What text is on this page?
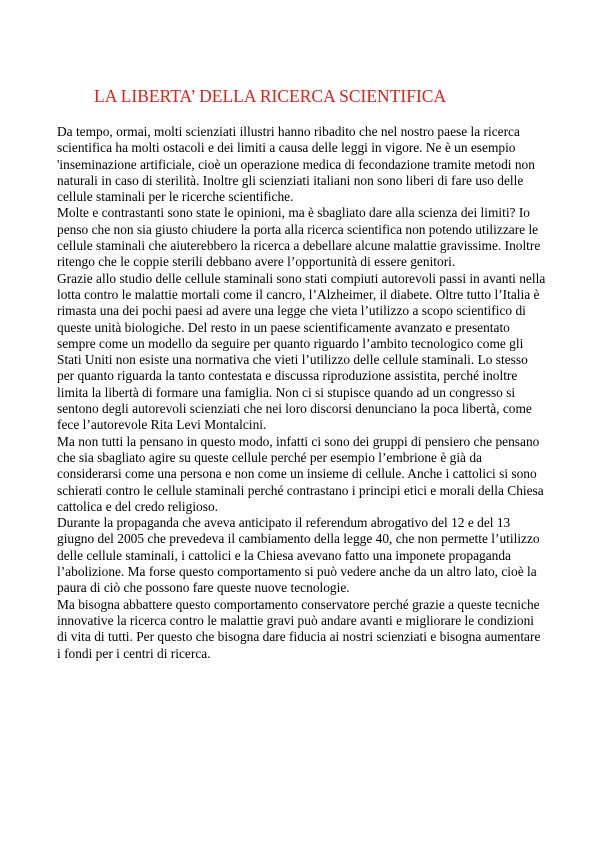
LA LIBERTA’ DELLA RICERCA SCIENTIFICA

Da tempo, ormai, molti scienziati illustri hanno ribadito che nel nostro paese la ricerca scientifica ha molti ostacoli e dei limiti a causa delle leggi in vigore. Ne è un esempio 'inseminazione artificiale, cioè un operazione medica di fecondazione tramite metodi non naturali in caso di sterilità. Inoltre gli scienziati italiani non sono liberi di fare uso delle cellule staminali per le ricerche scientifiche.

Molte e contrastanti sono state le opinioni, ma è sbagliato dare alla scienza dei limiti? Io penso che non sia giusto chiudere la porta alla ricerca scientifica non potendo utilizzare le cellule staminali che aiuterebbero la ricerca a debellare alcune malattie gravissime. Inoltre ritengo che le coppie sterili debbano avere l’opportunità di essere genitori.

Grazie allo studio delle cellule staminali sono stati compiuti autorevoli passi in avanti nella lotta contro le malattie mortali come il cancro, l’Alzheimer, il diabete. Oltre tutto l’Italia è rimasta una dei pochi paesi ad avere una legge che vieta l’utilizzo a scopo scientifico di queste unità biologiche. Del resto in un paese scientificamente avanzato e presentato sempre come un modello da seguire per quanto riguardo l’ambito tecnologico come gli Stati Uniti non esiste una normativa che vieti l’utilizzo delle cellule staminali. Lo stesso per quanto riguarda la tanto contestata e discussa riproduzione assistita, perché inoltre limita la libertà di formare una famiglia. Non ci si stupisce quando ad un congresso si sentono degli autorevoli scienziati che nei loro discorsi denunciano la poca libertà, come fece l’autorevole Rita Levi Montalcini.

Ma non tutti la pensano in questo modo, infatti ci sono dei gruppi di pensiero che pensano che sia sbagliato agire su queste cellule perché per esempio l’embrione è già da considerarsi come una persona e non come un insieme di cellule. Anche i cattolici si sono schierati contro le cellule staminali perché contrastano i principi etici e morali della Chiesa cattolica e del credo religioso.

Durante la propaganda che aveva anticipato il referendum abrogativo del 12 e del 13 giugno del 2005 che prevedeva il cambiamento della legge 40, che non permette l’utilizzo delle cellule staminali, i cattolici e la Chiesa avevano fatto una imponete propaganda l’abolizione. Ma forse questo comportamento si può vedere anche da un altro lato, cioè la paura di ciò che possono fare queste nuove tecnologie.

Ma bisogna abbattere questo comportamento conservatore perché grazie a queste tecniche innovative la ricerca contro le malattie gravi può andare avanti e migliorare le condizioni di vita di tutti. Per questo che bisogna dare fiducia ai nostri scienziati e bisogna aumentare i fondi per i centri di ricerca.
